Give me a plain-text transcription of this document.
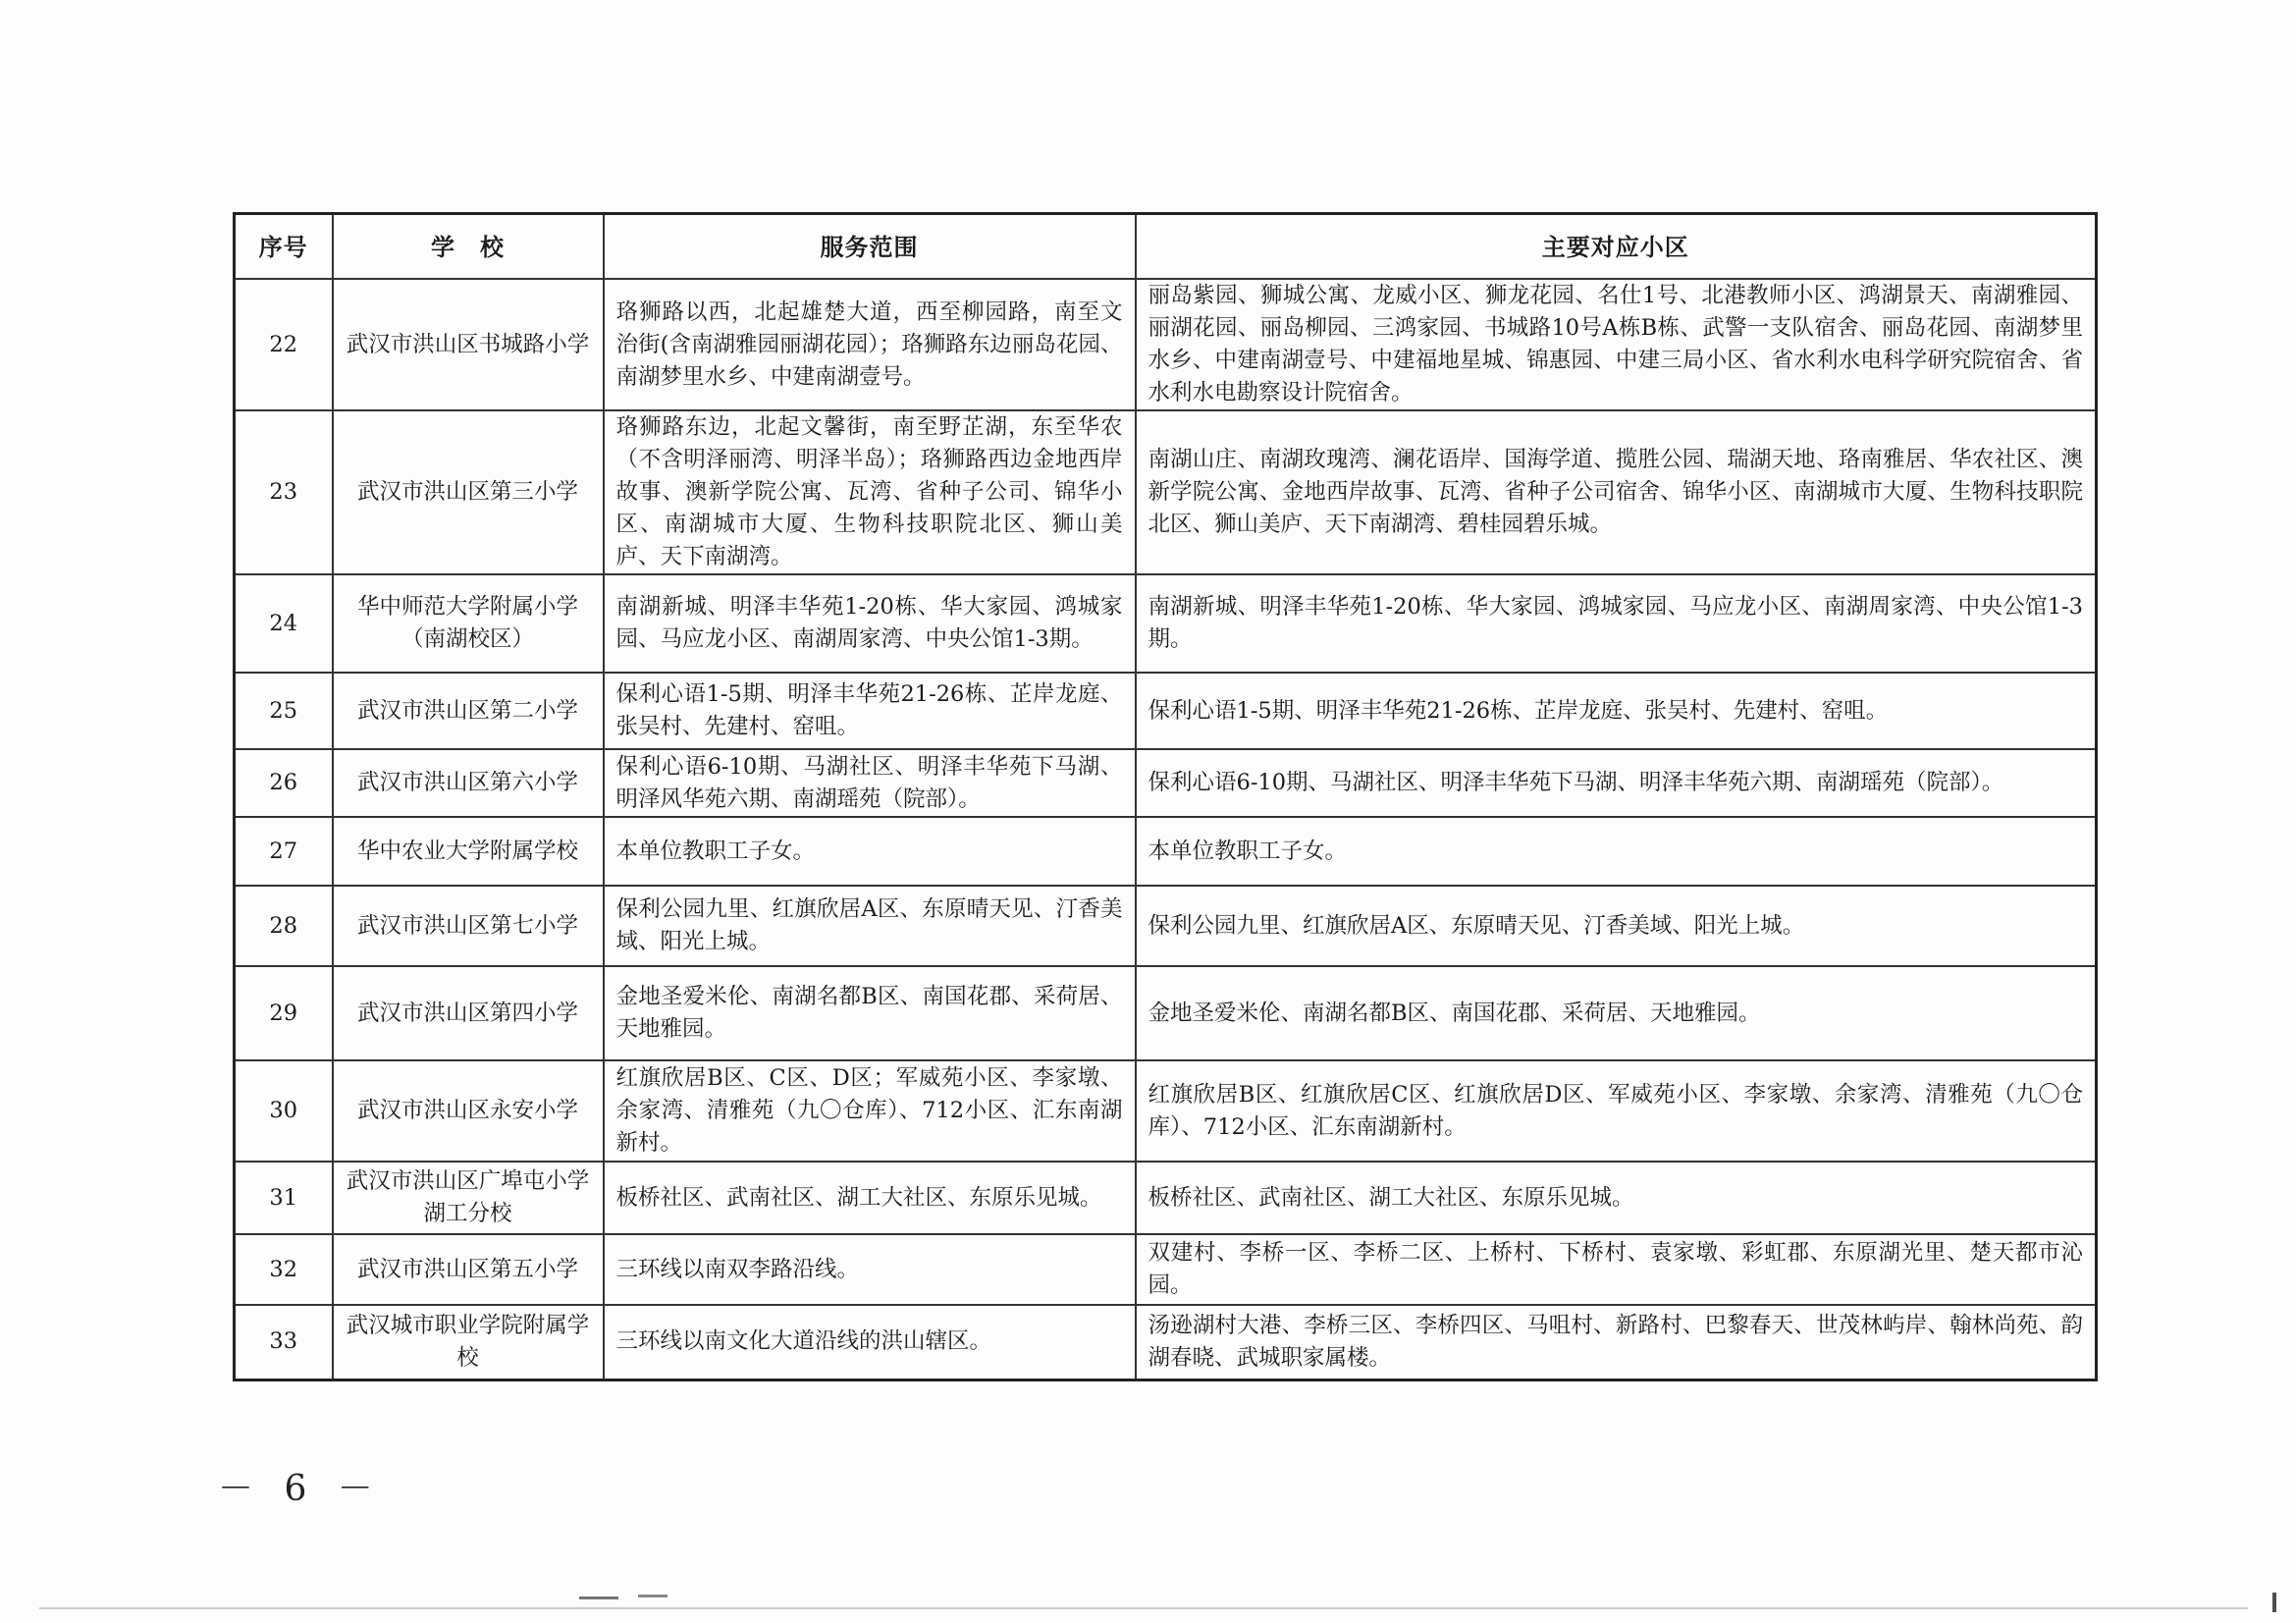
序号	学　校	服务范围	主要对应小区
22	武汉市洪山区书城路小学	珞狮路以西，北起雄楚大道，西至柳园路，南至文治街(含南湖雅园丽湖花园）；珞狮路东边丽岛花园、南湖梦里水乡、中建南湖壹号。	丽岛紫园、狮城公寓、龙威小区、狮龙花园、名仕1号、北港教师小区、鸿湖景天、南湖雅园、丽湖花园、丽岛柳园、三鸿家园、书城路10号A栋B栋、武警一支队宿舍、丽岛花园、南湖梦里水乡、中建南湖壹号、中建福地星城、锦惠园、中建三局小区、省水利水电科学研究院宿舍、省水利水电勘察设计院宿舍。
23	武汉市洪山区第三小学	珞狮路东边，北起文馨街，南至野芷湖，东至华农（不含明泽丽湾、明泽半岛）；珞狮路西边金地西岸故事、澳新学院公寓、瓦湾、省种子公司、锦华小区、南湖城市大厦、生物科技职院北区、狮山美庐、天下南湖湾。	南湖山庄、南湖玫瑰湾、澜花语岸、国海学道、揽胜公园、瑞湖天地、珞南雅居、华农社区、澳新学院公寓、金地西岸故事、瓦湾、省种子公司宿舍、锦华小区、南湖城市大厦、生物科技职院北区、狮山美庐、天下南湖湾、碧桂园碧乐城。
24	华中师范大学附属小学（南湖校区）	南湖新城、明泽丰华苑1-20栋、华大家园、鸿城家园、马应龙小区、南湖周家湾、中央公馆1-3期。	南湖新城、明泽丰华苑1-20栋、华大家园、鸿城家园、马应龙小区、南湖周家湾、中央公馆1-3期。
25	武汉市洪山区第二小学	保利心语1-5期、明泽丰华苑21-26栋、芷岸龙庭、张吴村、先建村、窑咀。	保利心语1-5期、明泽丰华苑21-26栋、芷岸龙庭、张吴村、先建村、窑咀。
26	武汉市洪山区第六小学	保利心语6-10期、马湖社区、明泽丰华苑下马湖、明泽风华苑六期、南湖瑶苑（院部）。	保利心语6-10期、马湖社区、明泽丰华苑下马湖、明泽丰华苑六期、南湖瑶苑（院部）。
27	华中农业大学附属学校	本单位教职工子女。	本单位教职工子女。
28	武汉市洪山区第七小学	保利公园九里、红旗欣居A区、东原晴天见、汀香美域、阳光上城。	保利公园九里、红旗欣居A区、东原晴天见、汀香美域、阳光上城。
29	武汉市洪山区第四小学	金地圣爱米伦、南湖名都B区、南国花郡、采荷居、天地雅园。	金地圣爱米伦、南湖名都B区、南国花郡、采荷居、天地雅园。
30	武汉市洪山区永安小学	红旗欣居B区、C区、D区；军威苑小区、李家墩、余家湾、清雅苑（九〇仓库）、712小区、汇东南湖新村。	红旗欣居B区、红旗欣居C区、红旗欣居D区、军威苑小区、李家墩、余家湾、清雅苑（九〇仓库）、712小区、汇东南湖新村。
31	武汉市洪山区广埠屯小学湖工分校	板桥社区、武南社区、湖工大社区、东原乐见城。	板桥社区、武南社区、湖工大社区、东原乐见城。
32	武汉市洪山区第五小学	三环线以南双李路沿线。	双建村、李桥一区、李桥二区、上桥村、下桥村、袁家墩、彩虹郡、东原湖光里、楚天都市沁园。
33	武汉城市职业学院附属学校	三环线以南文化大道沿线的洪山辖区。	汤逊湖村大港、李桥三区、李桥四区、马咀村、新路村、巴黎春天、世茂林屿岸、翰林尚苑、韵湖春晓、武城职家属楼。
－ 6 －
